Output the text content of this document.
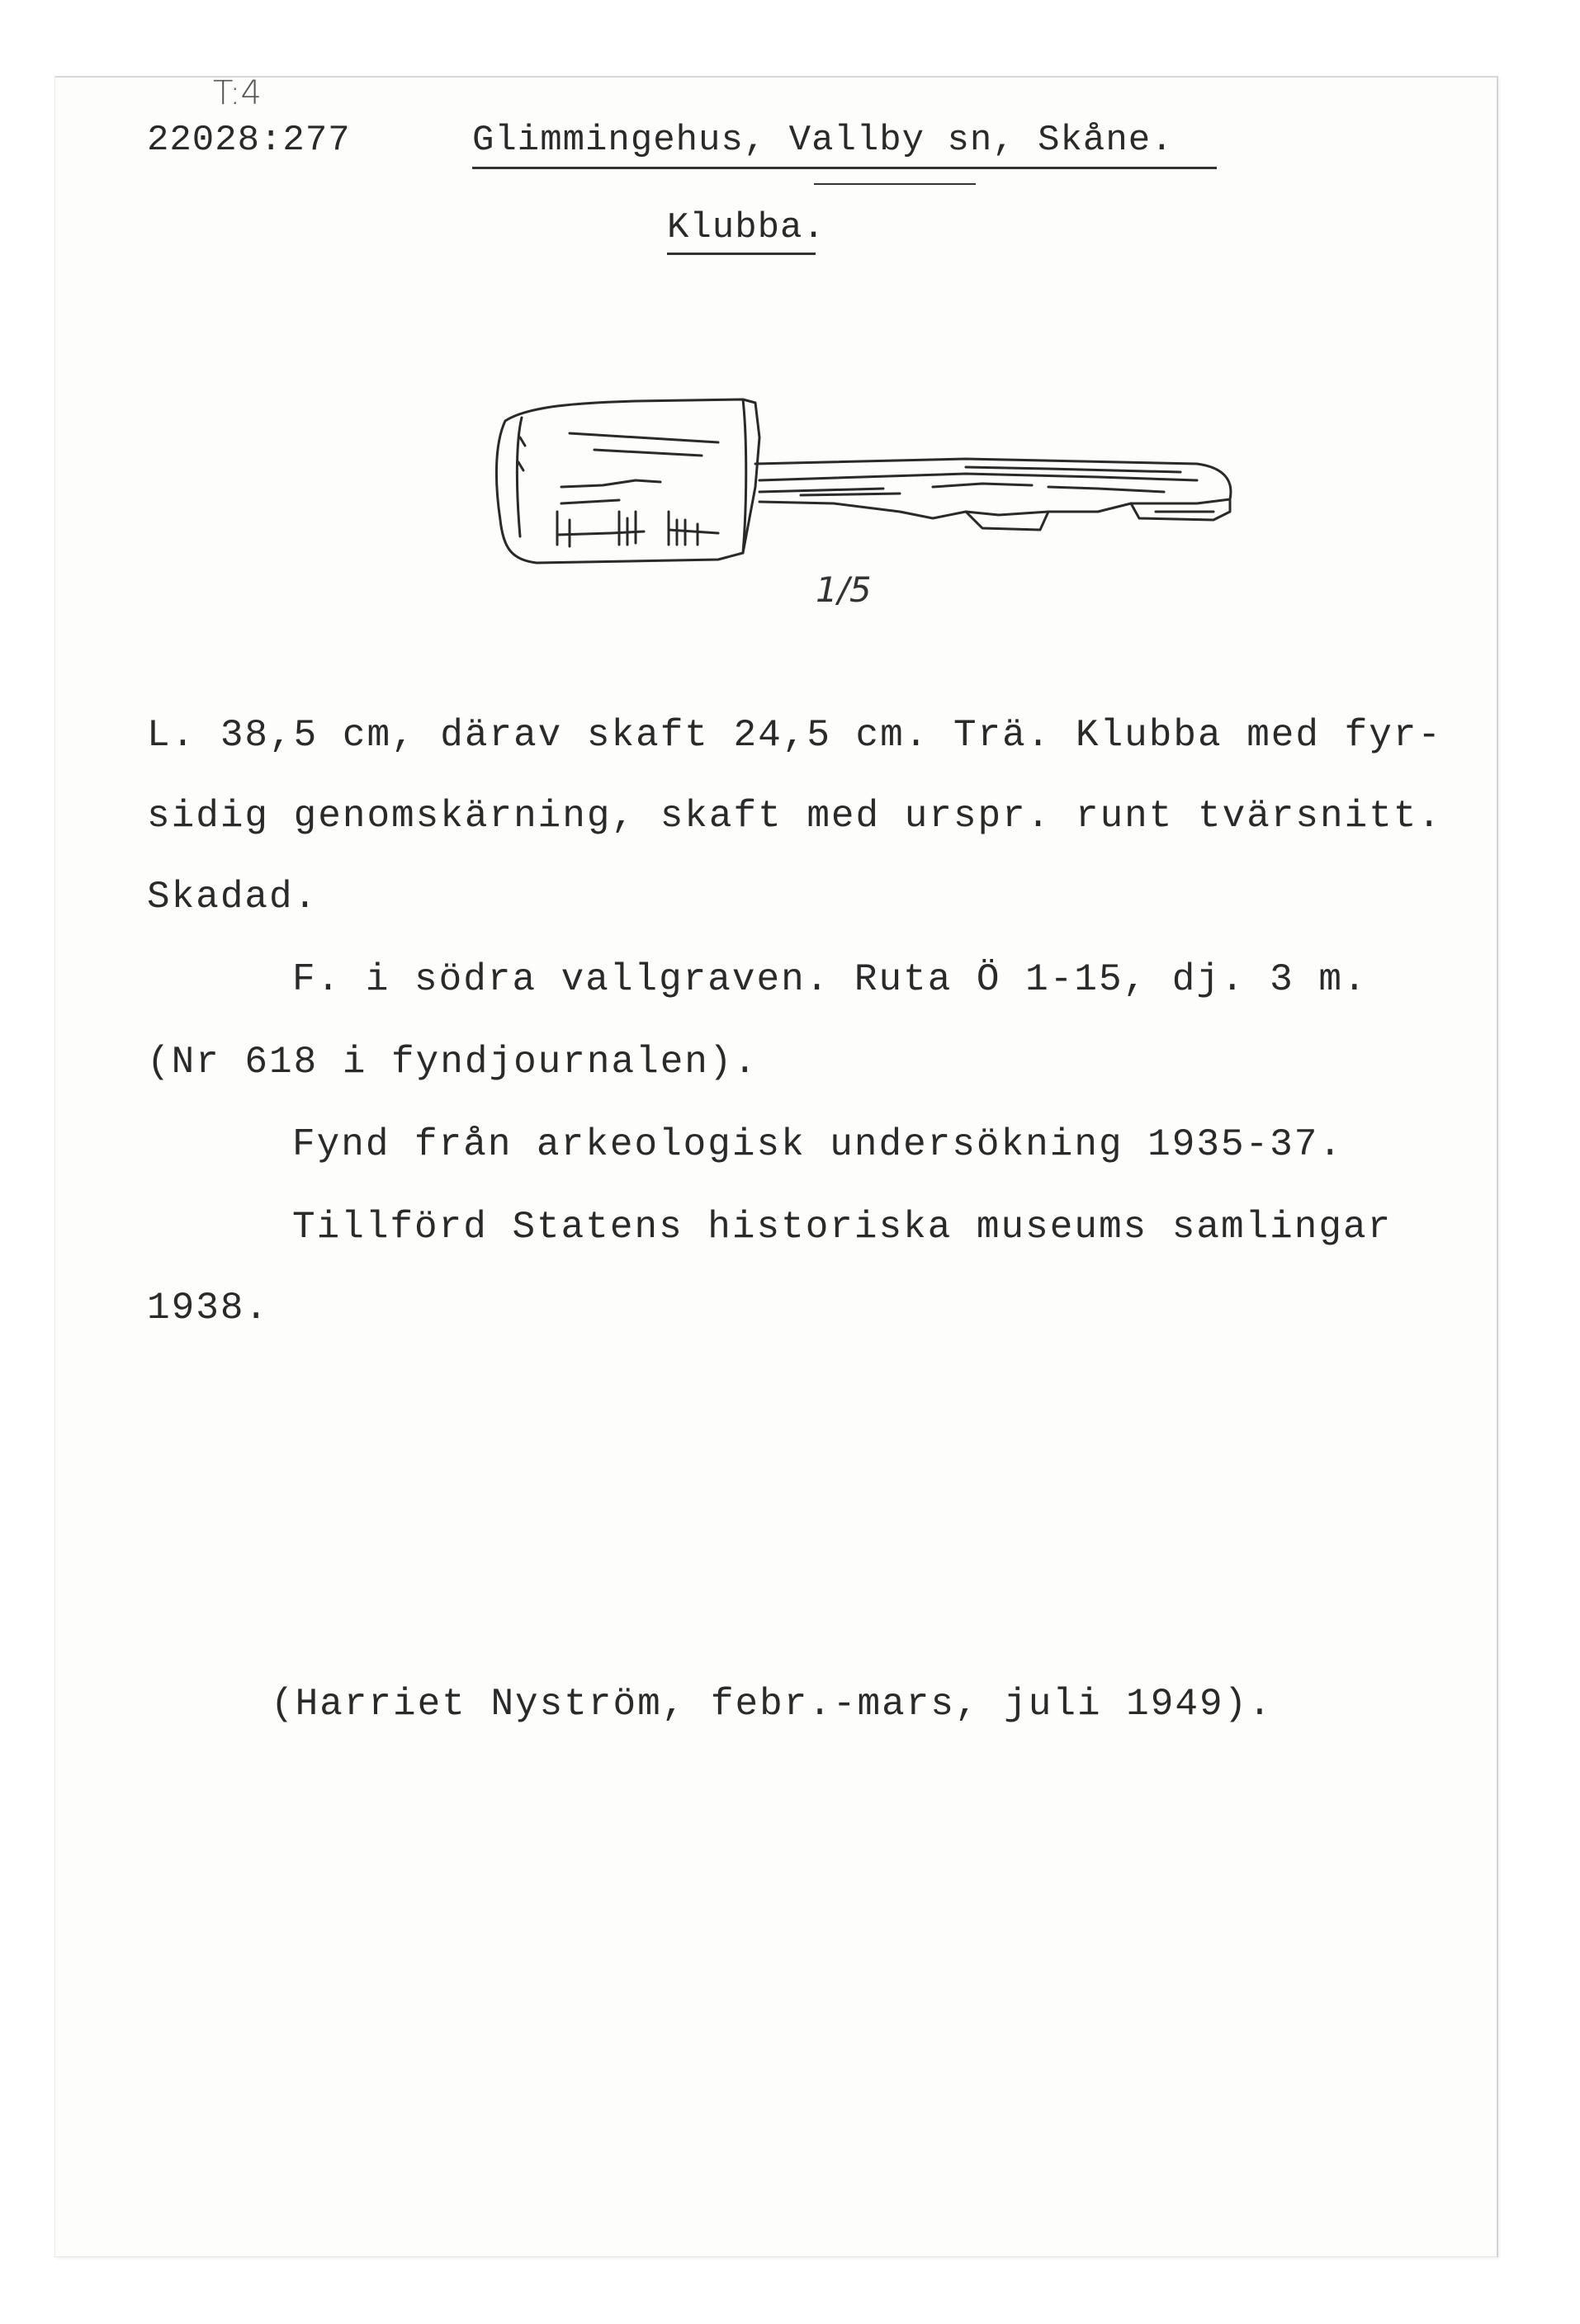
T:4
22028:277	Glimmingehus, Vallby sn, Skåne.
Klubba.
1/5
L. 38,5 cm, därav skaft 24,5 cm. Trä. Klubba med fyr-
sidig genomskärning, skaft med urspr. runt tvärsnitt.
Skadad.
F. i södra vallgraven. Ruta Ö 1-15, dj. 3 m.
(Nr 618 i fyndjournalen).
Fynd från arkeologisk undersökning 1935-37.
Tillförd Statens historiska museums samlingar
1938.
(Harriet Nyström, febr.-mars, juli 1949).
